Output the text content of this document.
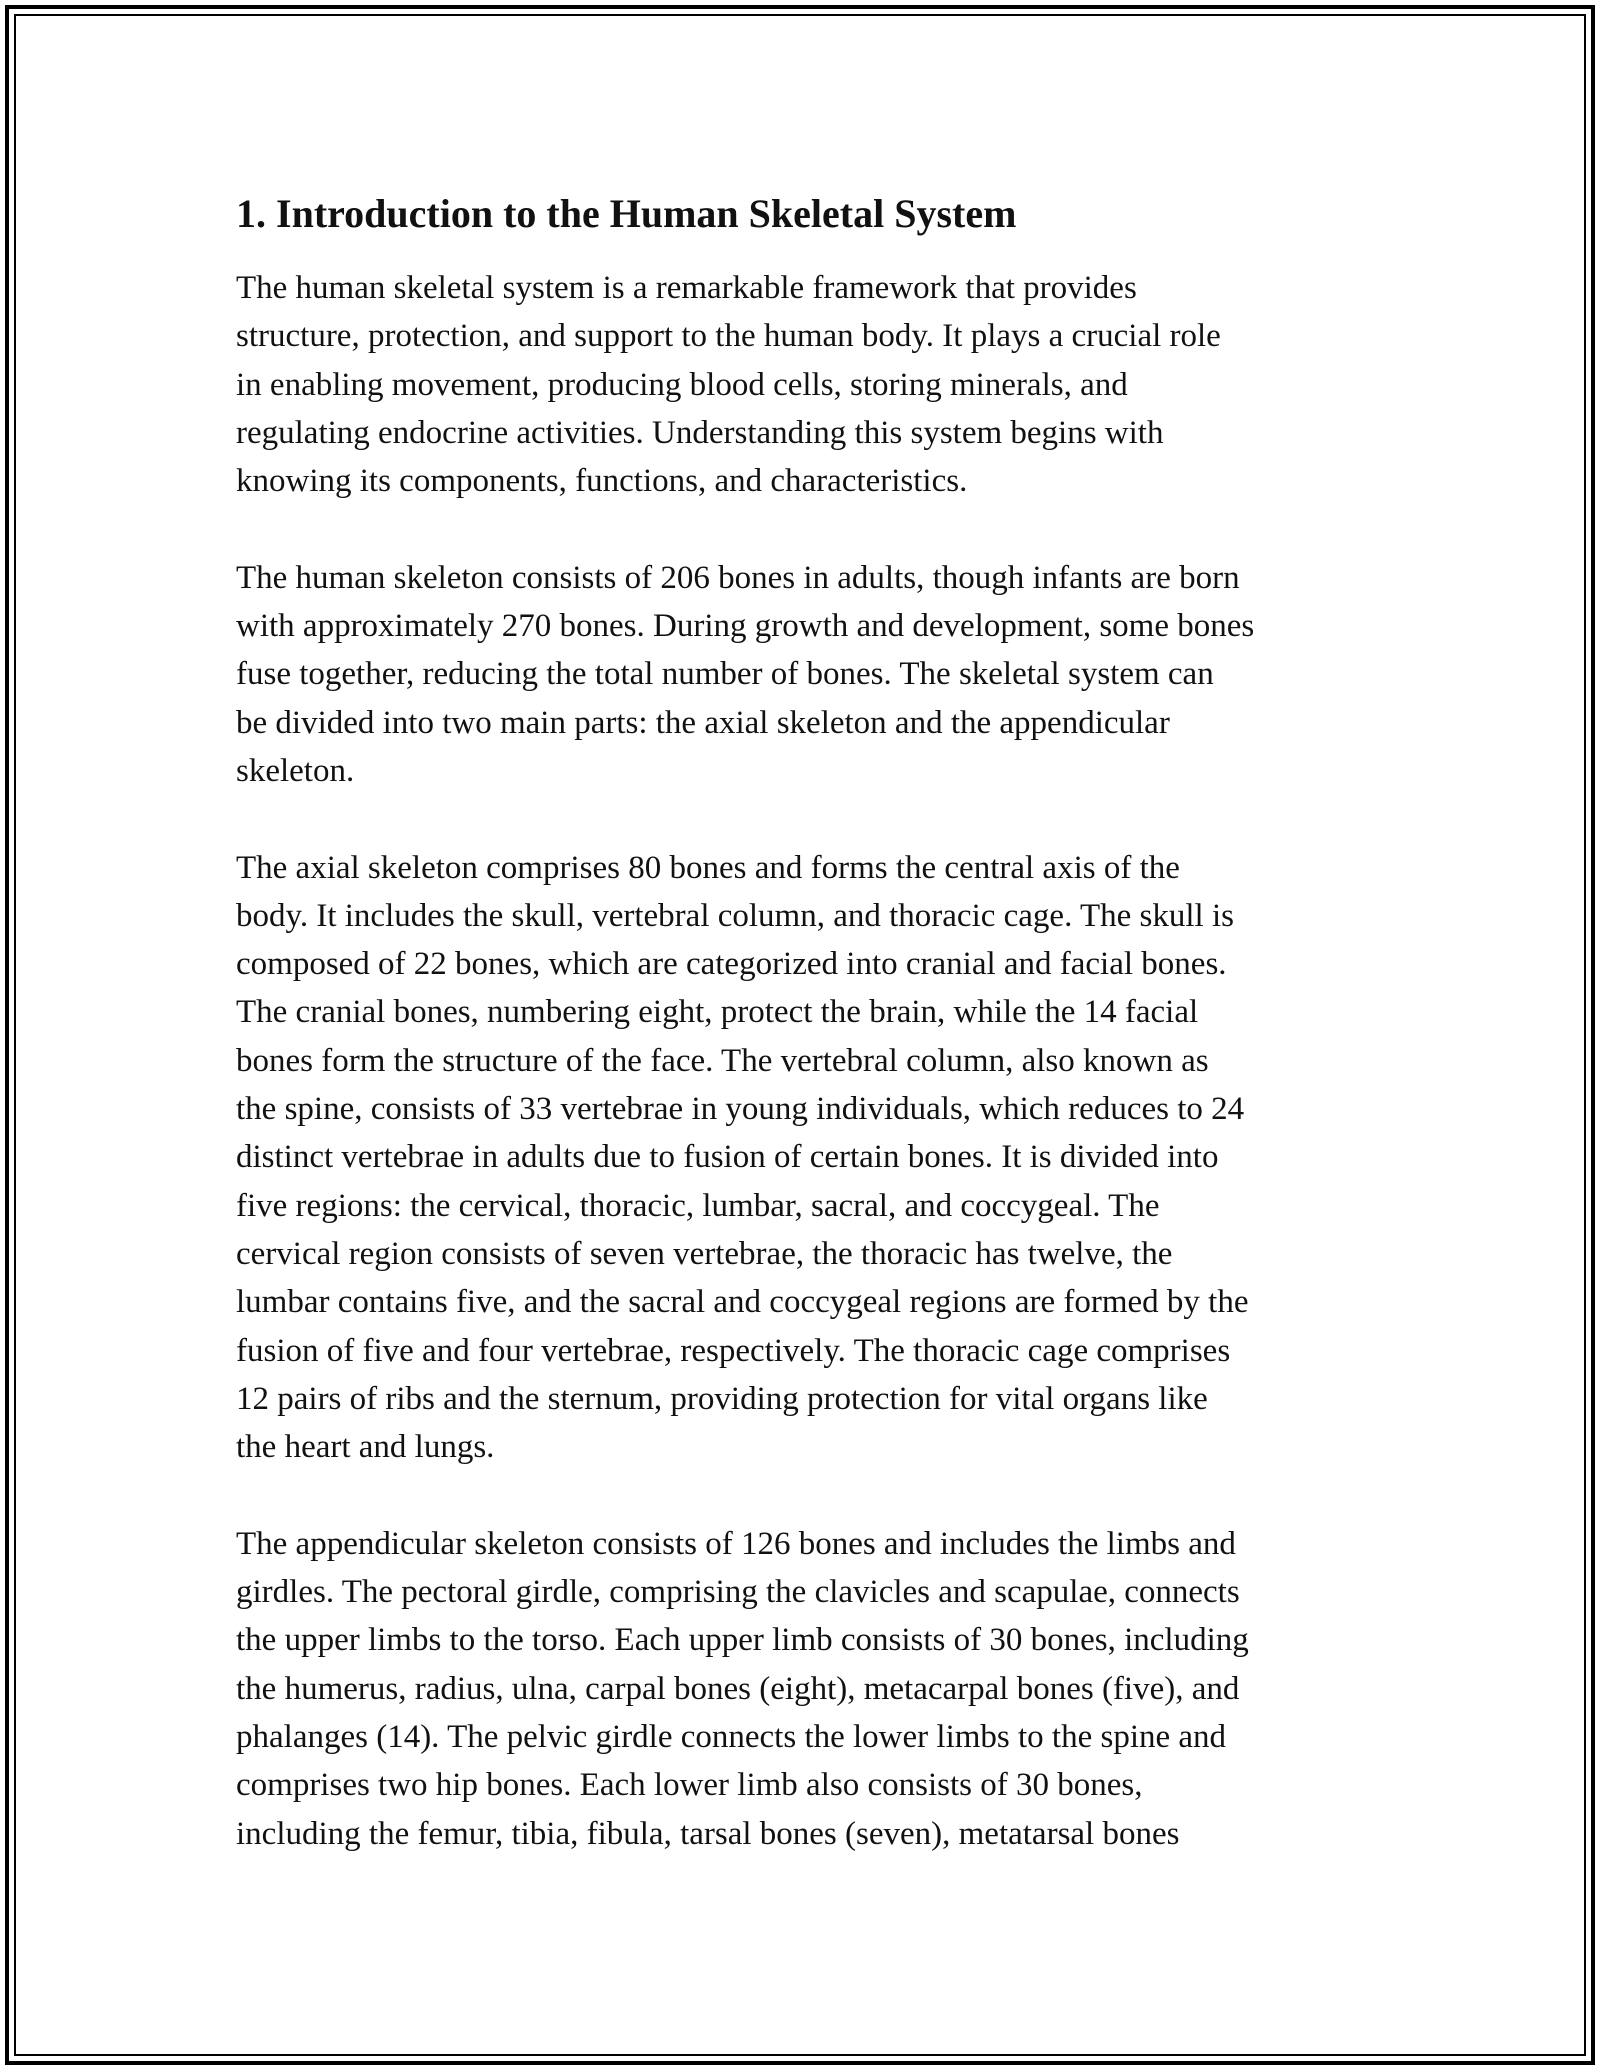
1. Introduction to the Human Skeletal System

The human skeletal system is a remarkable framework that provides
structure, protection, and support to the human body. It plays a crucial role
in enabling movement, producing blood cells, storing minerals, and
regulating endocrine activities. Understanding this system begins with
knowing its components, functions, and characteristics.

The human skeleton consists of 206 bones in adults, though infants are born
with approximately 270 bones. During growth and development, some bones
fuse together, reducing the total number of bones. The skeletal system can
be divided into two main parts: the axial skeleton and the appendicular
skeleton.

The axial skeleton comprises 80 bones and forms the central axis of the
body. It includes the skull, vertebral column, and thoracic cage. The skull is
composed of 22 bones, which are categorized into cranial and facial bones.
The cranial bones, numbering eight, protect the brain, while the 14 facial
bones form the structure of the face. The vertebral column, also known as
the spine, consists of 33 vertebrae in young individuals, which reduces to 24
distinct vertebrae in adults due to fusion of certain bones. It is divided into
five regions: the cervical, thoracic, lumbar, sacral, and coccygeal. The
cervical region consists of seven vertebrae, the thoracic has twelve, the
lumbar contains five, and the sacral and coccygeal regions are formed by the
fusion of five and four vertebrae, respectively. The thoracic cage comprises
12 pairs of ribs and the sternum, providing protection for vital organs like
the heart and lungs.

The appendicular skeleton consists of 126 bones and includes the limbs and
girdles. The pectoral girdle, comprising the clavicles and scapulae, connects
the upper limbs to the torso. Each upper limb consists of 30 bones, including
the humerus, radius, ulna, carpal bones (eight), metacarpal bones (five), and
phalanges (14). The pelvic girdle connects the lower limbs to the spine and
comprises two hip bones. Each lower limb also consists of 30 bones,
including the femur, tibia, fibula, tarsal bones (seven), metatarsal bones
